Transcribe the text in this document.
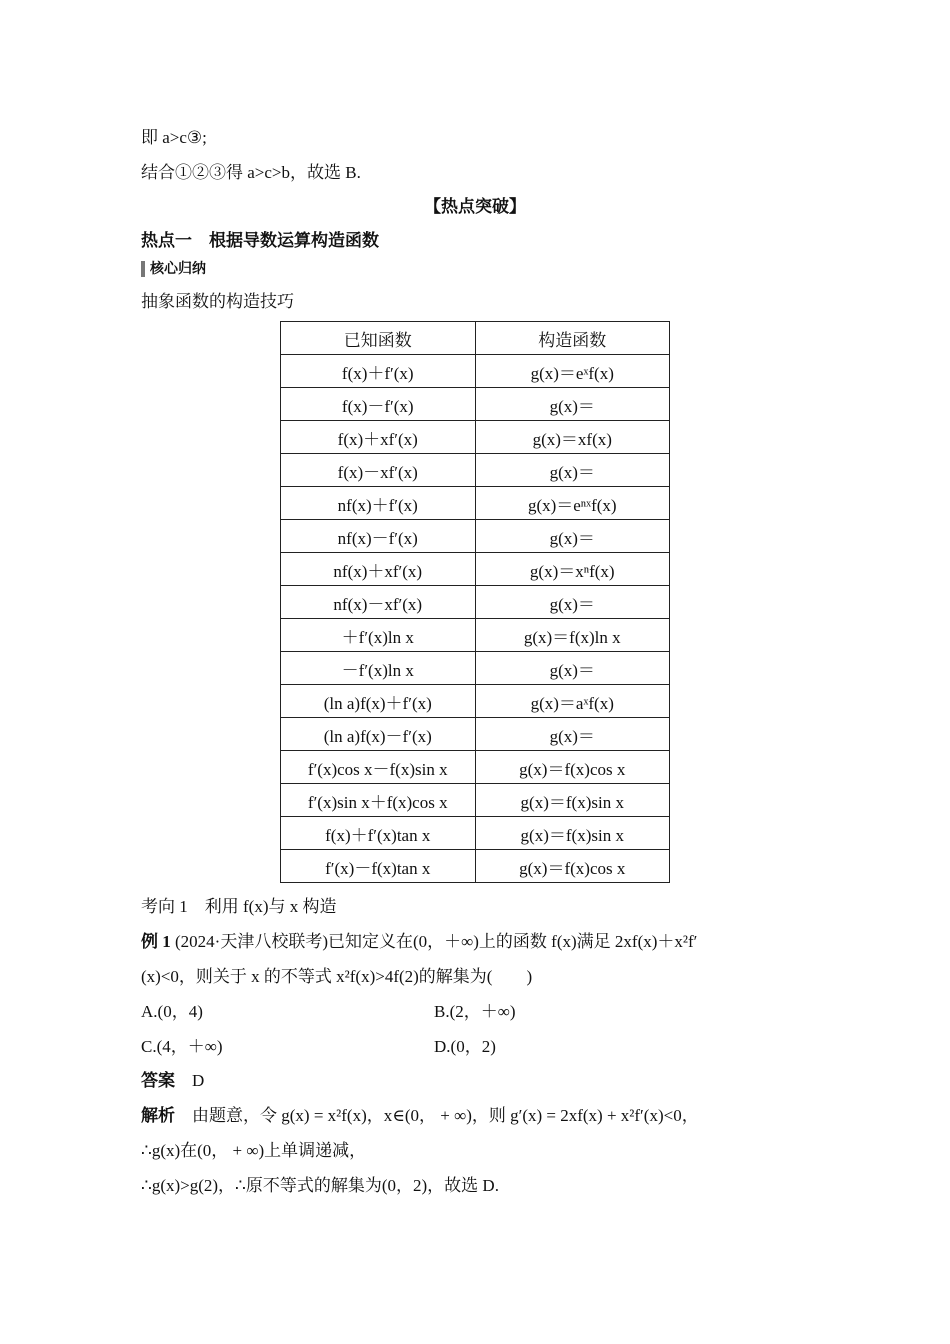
即 a>c③;
结合①②③得 a>c>b，故选 B.
【热点突破】
热点一　根据导数运算构造函数
核心归纳
抽象函数的构造技巧
已知函数	构造函数
f(x)＋f′(x)	g(x)＝eˣf(x)
f(x)－f′(x)	g(x)＝
f(x)＋xf′(x)	g(x)＝xf(x)
f(x)－xf′(x)	g(x)＝
nf(x)＋f′(x)	g(x)＝eⁿˣf(x)
nf(x)－f′(x)	g(x)＝
nf(x)＋xf′(x)	g(x)＝xⁿf(x)
nf(x)－xf′(x)	g(x)＝
＋f′(x)ln x	g(x)＝f(x)ln x
－f′(x)ln x	g(x)＝
(ln a)f(x)＋f′(x)	g(x)＝aˣf(x)
(ln a)f(x)－f′(x)	g(x)＝
f′(x)cos x－f(x)sin x	g(x)＝f(x)cos x
f′(x)sin x＋f(x)cos x	g(x)＝f(x)sin x
f(x)＋f′(x)tan x	g(x)＝f(x)sin x
f′(x)－f(x)tan x	g(x)＝f(x)cos x
考向 1　利用 f(x)与 x 构造
例 1 (2024·天津八校联考)已知定义在(0，＋∞)上的函数 f(x)满足 2xf(x)＋x²f′
(x)<0，则关于 x 的不等式 x²f(x)>4f(2)的解集为(　　)
A.(0，4)	B.(2，＋∞)
C.(4，＋∞)	D.(0，2)
答案　 D
解析　 由题意，令 g(x) = x²f(x)，x∈(0， + ∞)，则 g′(x) = 2xf(x) + x²f′(x)<0，
∴g(x)在(0， + ∞)上单调递减，
∴g(x)>g(2)，∴原不等式的解集为(0，2)，故选 D.
